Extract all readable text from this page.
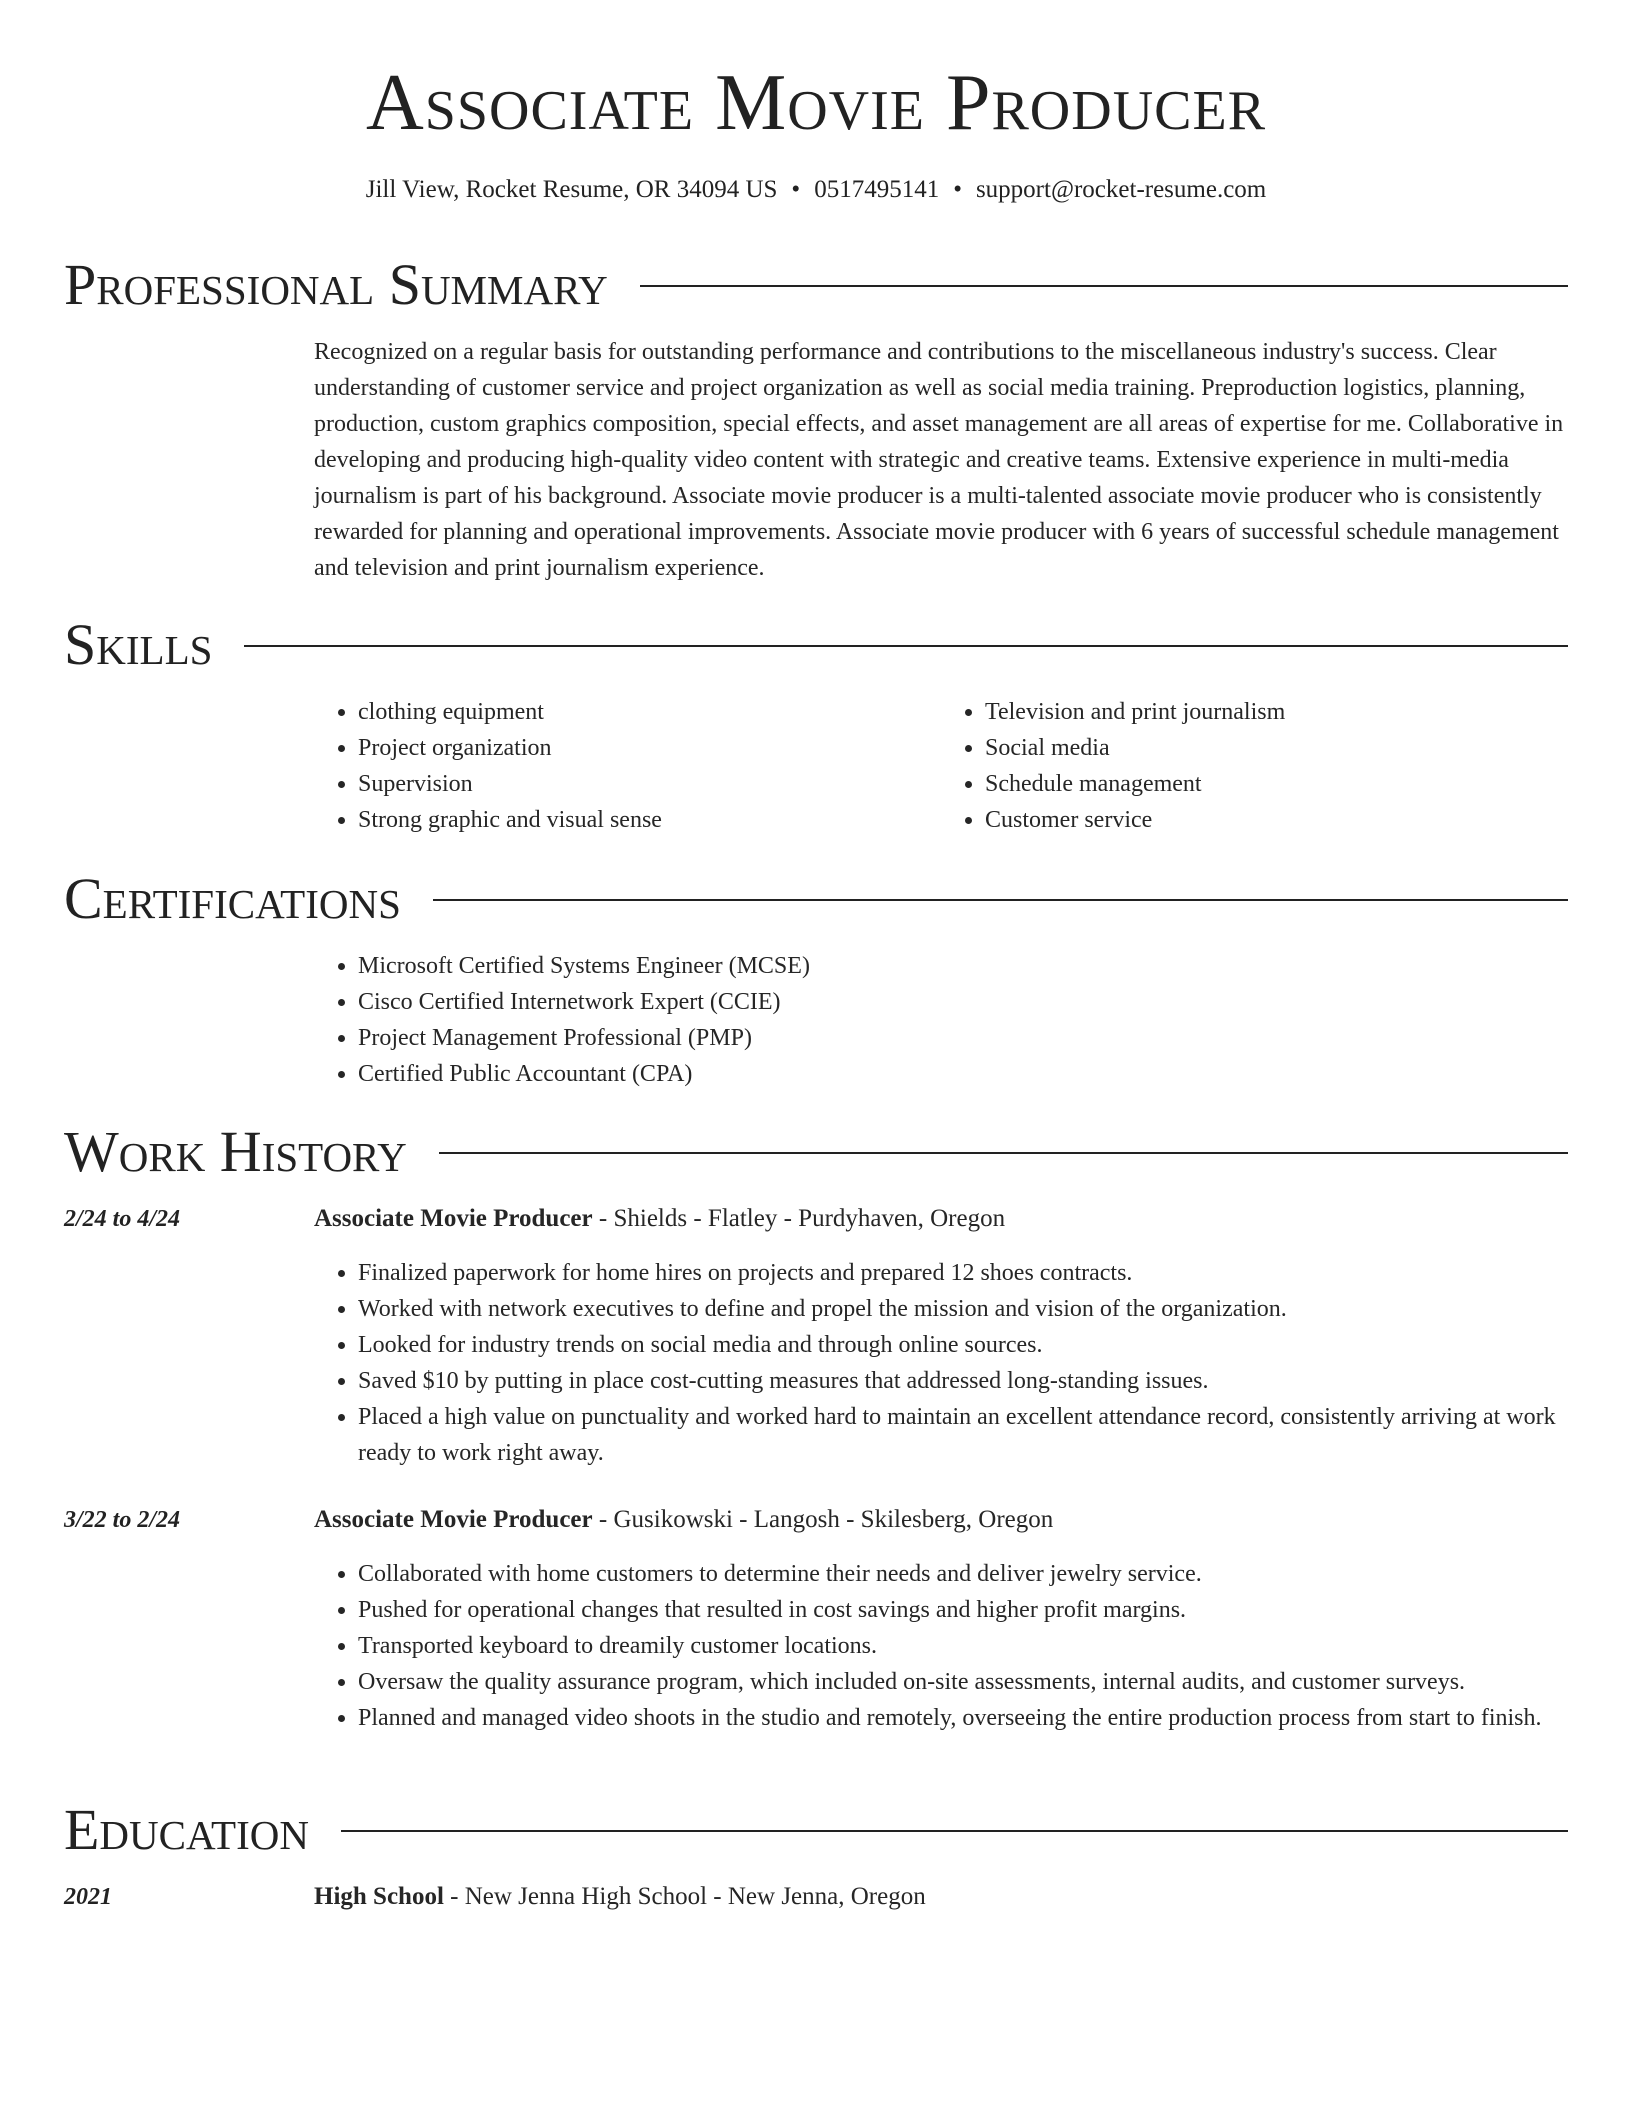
Associate Movie Producer
Jill View, Rocket Resume, OR 34094 US • 0517495141 • support@rocket-resume.com
Professional Summary

Recognized on a regular basis for outstanding performance and contributions to the miscellaneous industry's success. Clear understanding of customer service and project organization as well as social media training. Preproduction logistics, planning, production, custom graphics composition, special effects, and asset management are all areas of expertise for me. Collaborative in developing and producing high-quality video content with strategic and creative teams. Extensive experience in multi-media journalism is part of his background. Associate movie producer is a multi-talented associate movie producer who is consistently rewarded for planning and operational improvements. Associate movie producer with 6 years of successful schedule management and television and print journalism experience.

Skills
• clothing equipment
• Project organization
• Supervision
• Strong graphic and visual sense
• Television and print journalism
• Social media
• Schedule management
• Customer service
Certifications
• Microsoft Certified Systems Engineer (MCSE)
• Cisco Certified Internetwork Expert (CCIE)
• Project Management Professional (PMP)
• Certified Public Accountant (CPA)
Work History
2/24 to 4/24	Associate Movie Producer - Shields - Flatley - Purdyhaven, Oregon
• Finalized paperwork for home hires on projects and prepared 12 shoes contracts.
• Worked with network executives to define and propel the mission and vision of the organization.
• Looked for industry trends on social media and through online sources.
• Saved $10 by putting in place cost-cutting measures that addressed long-standing issues.
• Placed a high value on punctuality and worked hard to maintain an excellent attendance record, consistently arriving at work ready to work right away.
3/22 to 2/24	Associate Movie Producer - Gusikowski - Langosh - Skilesberg, Oregon
• Collaborated with home customers to determine their needs and deliver jewelry service.
• Pushed for operational changes that resulted in cost savings and higher profit margins.
• Transported keyboard to dreamily customer locations.
• Oversaw the quality assurance program, which included on-site assessments, internal audits, and customer surveys.
• Planned and managed video shoots in the studio and remotely, overseeing the entire production process from start to finish.
Education
2021	High School - New Jenna High School - New Jenna, Oregon
